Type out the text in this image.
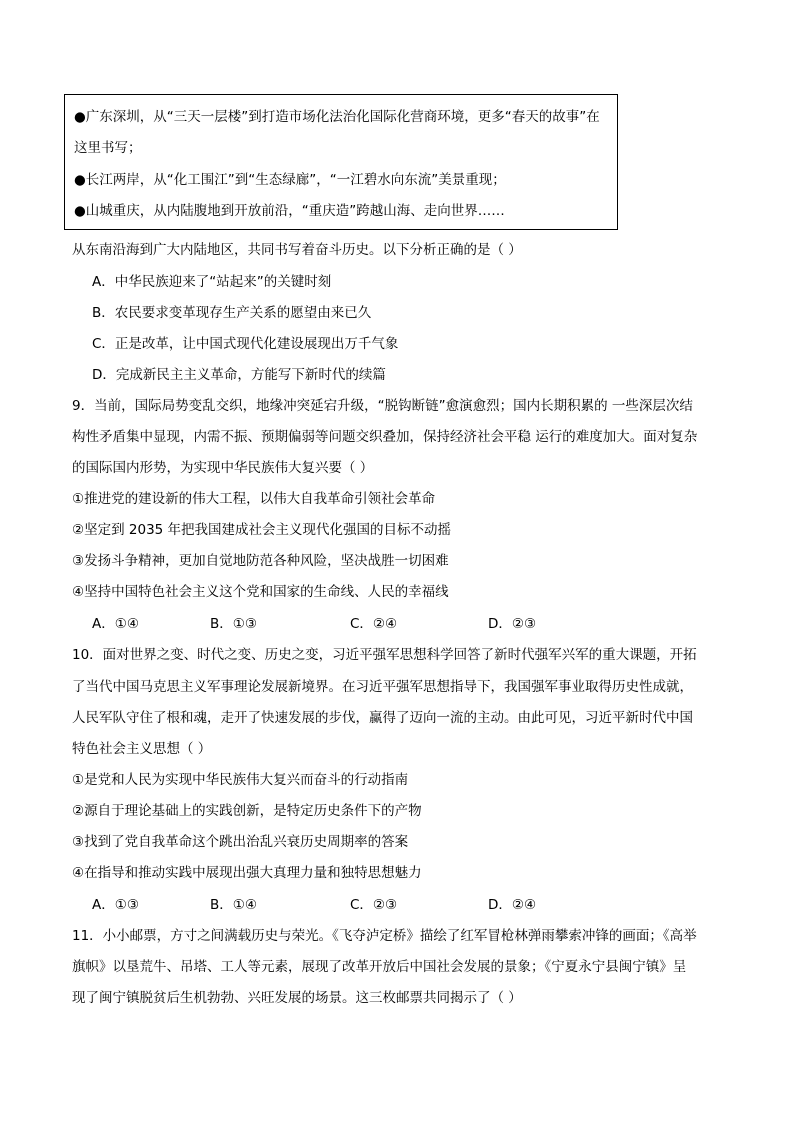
●广东深圳，从“三天一层楼”到打造市场化法治化国际化营商环境，更多“春天的故事”在
这里书写；
●长江两岸，从“化工围江”到“生态绿廊”，“一江碧水向东流”美景重现；
●山城重庆，从内陆腹地到开放前沿，“重庆造”跨越山海、走向世界……
从东南沿海到广大内陆地区，共同书写着奋斗历史。以下分析正确的是（ ）
A．中华民族迎来了“站起来”的关键时刻
B．农民要求变革现存生产关系的愿望由来已久
C．正是改革，让中国式现代化建设展现出万千气象
D．完成新民主主义革命，方能写下新时代的续篇
9．当前，国际局势变乱交织，地缘冲突延宕升级，“脱钩断链”愈演愈烈；国内长期积累的 一些深层次结
构性矛盾集中显现，内需不振、预期偏弱等问题交织叠加，保持经济社会平稳 运行的难度加大。面对复杂
的国际国内形势，为实现中华民族伟大复兴要（ ）
①推进党的建设新的伟大工程，以伟大自我革命引领社会革命
②坚定到 2035 年把我国建成社会主义现代化强国的目标不动摇
③发扬斗争精神，更加自觉地防范各种风险，坚决战胜一切困难
④坚持中国特色社会主义这个党和国家的生命线、人民的幸福线
A．①④	B．①③	C．②④	D．②③
10．面对世界之变、时代之变、历史之变，习近平强军思想科学回答了新时代强军兴军的重大课题，开拓
了当代中国马克思主义军事理论发展新境界。在习近平强军思想指导下，我国强军事业取得历史性成就，
人民军队守住了根和魂，走开了快速发展的步伐，赢得了迈向一流的主动。由此可见，习近平新时代中国
特色社会主义思想（ ）
①是党和人民为实现中华民族伟大复兴而奋斗的行动指南
②源自于理论基础上的实践创新，是特定历史条件下的产物
③找到了党自我革命这个跳出治乱兴衰历史周期率的答案
④在指导和推动实践中展现出强大真理力量和独特思想魅力
A．①③	B．①④	C．②③	D．②④
11．小小邮票，方寸之间满载历史与荣光。《飞夺泸定桥》描绘了红军冒枪林弹雨攀索冲锋的画面；《高举
旗帜》以垦荒牛、吊塔、工人等元素，展现了改革开放后中国社会发展的景象；《宁夏永宁县闽宁镇》呈
现了闽宁镇脱贫后生机勃勃、兴旺发展的场景。这三枚邮票共同揭示了（ ）
